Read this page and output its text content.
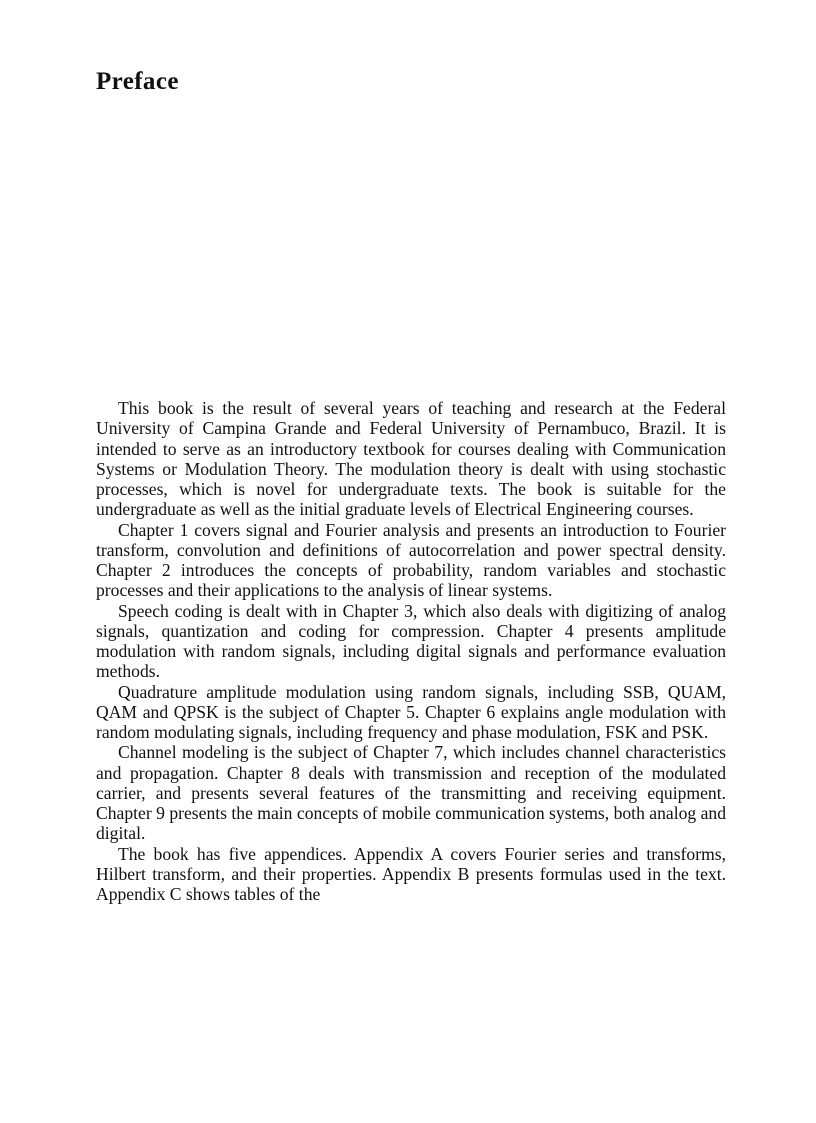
Preface

This book is the result of several years of teaching and research at the Federal University of Campina Grande and Federal University of Pernambuco, Brazil. It is intended to serve as an introductory textbook for courses dealing with Communication Systems or Modulation Theory. The modulation theory is dealt with using stochastic processes, which is novel for undergraduate texts. The book is suitable for the undergraduate as well as the initial graduate levels of Electrical Engineering courses.

Chapter 1 covers signal and Fourier analysis and presents an introduction to Fourier transform, convolution and definitions of autocorrelation and power spectral density. Chapter 2 introduces the concepts of probability, random variables and stochastic processes and their applications to the analysis of linear systems.

Speech coding is dealt with in Chapter 3, which also deals with digitizing of analog signals, quantization and coding for compression. Chapter 4 presents amplitude modulation with random signals, including digital signals and performance evaluation methods.

Quadrature amplitude modulation using random signals, including SSB, QUAM, QAM and QPSK is the subject of Chapter 5. Chapter 6 explains angle modulation with random modulating signals, including frequency and phase modulation, FSK and PSK.

Channel modeling is the subject of Chapter 7, which includes channel characteristics and propagation. Chapter 8 deals with transmission and reception of the modulated carrier, and presents several features of the transmitting and receiving equipment. Chapter 9 presents the main concepts of mobile communication systems, both analog and digital.

The book has five appendices. Appendix A covers Fourier series and transforms, Hilbert transform, and their properties. Appendix B presents formulas used in the text. Appendix C shows tables of the
